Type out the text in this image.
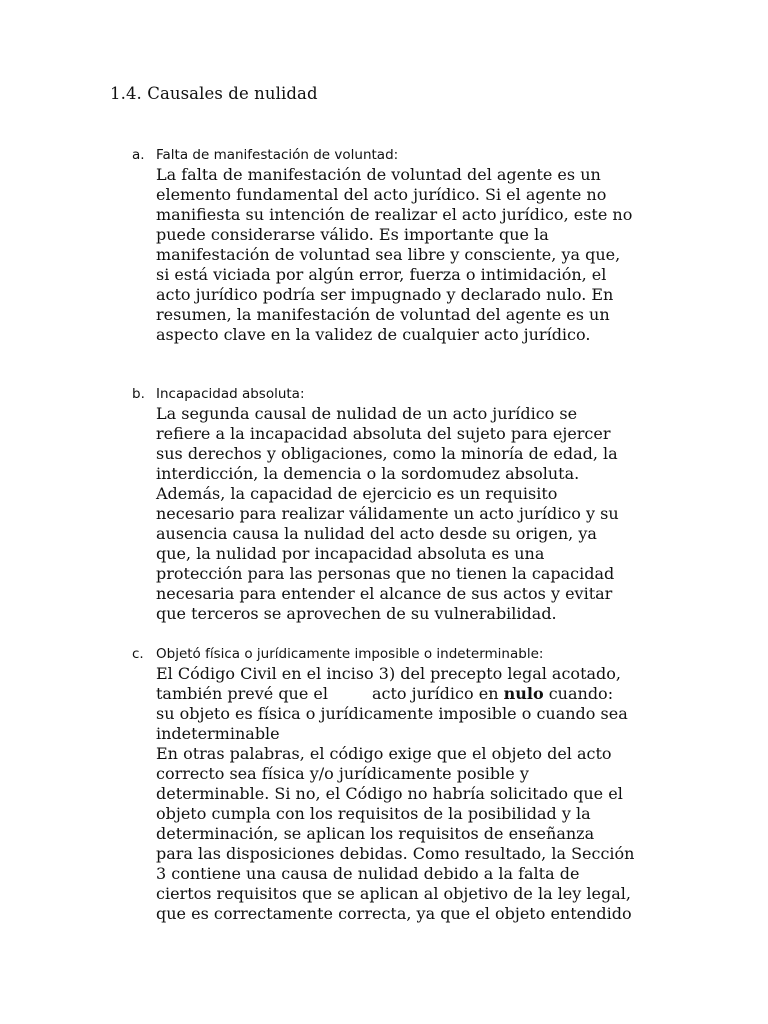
1.4. Causales de nulidad
a. Falta de manifestación de voluntad:
La falta de manifestación de voluntad del agente es un
elemento fundamental del acto jurídico. Si el agente no
manifiesta su intención de realizar el acto jurídico, este no
puede considerarse válido. Es importante que la
manifestación de voluntad sea libre y consciente, ya que,
si está viciada por algún error, fuerza o intimidación, el
acto jurídico podría ser impugnado y declarado nulo. En
resumen, la manifestación de voluntad del agente es un
aspecto clave en la validez de cualquier acto jurídico.
b. Incapacidad absoluta:
La segunda causal de nulidad de un acto jurídico se
refiere a la incapacidad absoluta del sujeto para ejercer
sus derechos y obligaciones, como la minoría de edad, la
interdicción, la demencia o la sordomudez absoluta.
Además, la capacidad de ejercicio es un requisito
necesario para realizar válidamente un acto jurídico y su
ausencia causa la nulidad del acto desde su origen, ya
que, la nulidad por incapacidad absoluta es una
protección para las personas que no tienen la capacidad
necesaria para entender el alcance de sus actos y evitar
que terceros se aprovechen de su vulnerabilidad.
c. Objetó física o jurídicamente imposible o indeterminable:
El Código Civil en el inciso 3) del precepto legal acotado,
también prevé que el	acto jurídico en nulo cuando:
su objeto es física o jurídicamente imposible o cuando sea
indeterminable
En otras palabras, el código exige que el objeto del acto
correcto sea física y/o jurídicamente posible y
determinable. Si no, el Código no habría solicitado que el
objeto cumpla con los requisitos de la posibilidad y la
determinación, se aplican los requisitos de enseñanza
para las disposiciones debidas. Como resultado, la Sección
3 contiene una causa de nulidad debido a la falta de
ciertos requisitos que se aplican al objetivo de la ley legal,
que es correctamente correcta, ya que el objeto entendido
